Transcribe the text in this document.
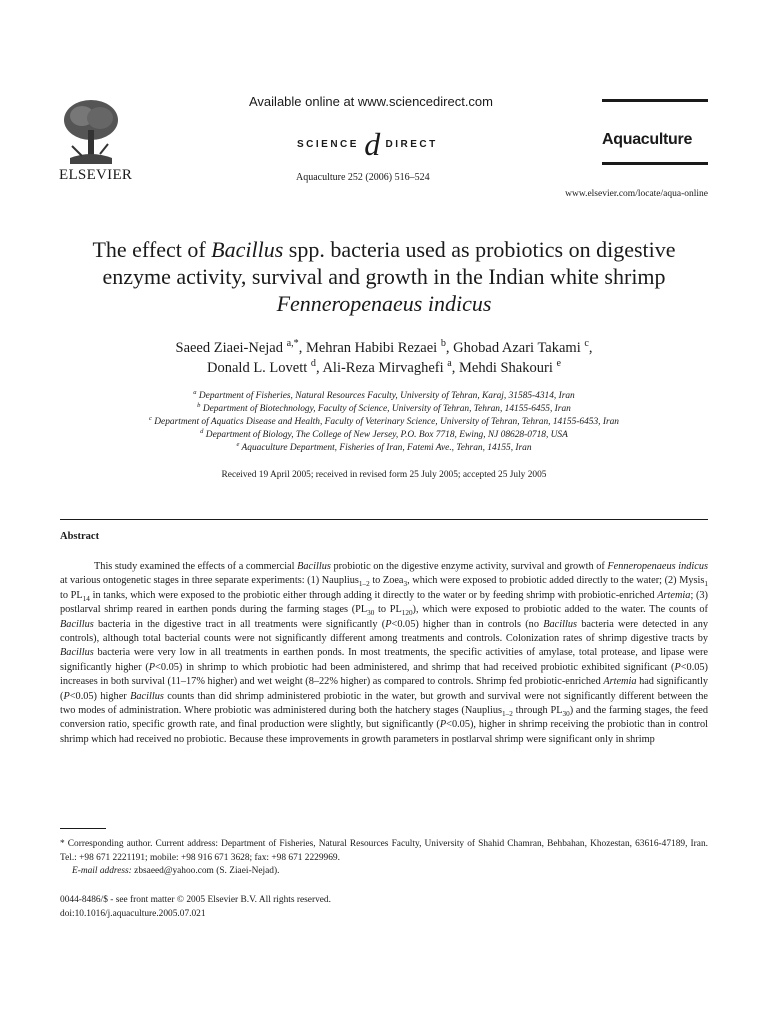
ELSEVIER
Available online at www.sciencedirect.com
SCIENCE d DIRECT
Aquaculture 252 (2006) 516–524
Aquaculture
www.elsevier.com/locate/aqua-online
The effect of Bacillus spp. bacteria used as probiotics on digestive enzyme activity, survival and growth in the Indian white shrimp Fenneropenaeus indicus
Saeed Ziaei-Nejad $^{a,*}$, Mehran Habibi Rezaei $^b$, Ghobad Azari Takami $^c$,
Donald L. Lovett $^d$, Ali-Reza Mirvaghefi $^a$, Mehdi Shakouri $^e$
$^a$ Department of Fisheries, Natural Resources Faculty, University of Tehran, Karaj, 31585-4314, Iran
$^b$ Department of Biotechnology, Faculty of Science, University of Tehran, Tehran, 14155-6455, Iran
$^c$ Department of Aquatics Disease and Health, Faculty of Veterinary Science, University of Tehran, Tehran, 14155-6453, Iran
$^d$ Department of Biology, The College of New Jersey, P.O. Box 7718, Ewing, NJ 08628-0718, USA
$^e$ Aquaculture Department, Fisheries of Iran, Fatemi Ave., Tehran, 14155, Iran
Received 19 April 2005; received in revised form 25 July 2005; accepted 25 July 2005
Abstract

This study examined the effects of a commercial Bacillus probiotic on the digestive enzyme activity, survival and growth of Fenneropenaeus indicus at various ontogenetic stages in three separate experiments: (1) Nauplius$_{1-2}$ to Zoea$_3$, which were exposed to probiotic added directly to the water; (2) Mysis$_1$ to $PL_{14}$ in tanks, which were exposed to the probiotic either through adding it directly to the water or by feeding shrimp with probiotic-enriched Artemia; (3) postlarval shrimp reared in earthen ponds during the farming stages ($PL_{30}$ to $PL_{120}$), which were exposed to probiotic added to the water. The counts of Bacillus bacteria in the digestive tract in all treatments were significantly (P<0.05) higher than in controls (no Bacillus bacteria were detected in any controls), although total bacterial counts were not significantly different among treatments and controls. Colonization rates of shrimp digestive tracts by Bacillus bacteria were very low in all treatments in earthen ponds. In most treatments, the specific activities of amylase, total protease, and lipase were significantly higher (P<0.05) in shrimp to which probiotic had been administered, and shrimp that had received probiotic exhibited significant (P<0.05) increases in both survival (11–17% higher) and wet weight (8–22% higher) as compared to controls. Shrimp fed probiotic-enriched Artemia had significantly (P<0.05) higher Bacillus counts than did shrimp administered probiotic in the water, but growth and survival were not significantly different between the two modes of administration. Where probiotic was administered during both the hatchery stages (Nauplius$_{1-2}$ through $PL_{30}$) and the farming stages, the feed conversion ratio, specific growth rate, and final production were slightly, but significantly (P<0.05), higher in shrimp receiving the probiotic than in control shrimp which had received no probiotic. Because these improvements in growth parameters in postlarval shrimp were significant only in shrimp

* Corresponding author. Current address: Department of Fisheries, Natural Resources Faculty, University of Shahid Chamran, Behbahan, Khozestan, 63616-47189, Iran. Tel.: +98 671 2221191; mobile: +98 916 671 3628; fax: +98 671 2229969.
E-mail address: zbsaeed@yahoo.com (S. Ziaei-Nejad).
0044-8486/$ - see front matter © 2005 Elsevier B.V. All rights reserved.
doi:10.1016/j.aquaculture.2005.07.021
